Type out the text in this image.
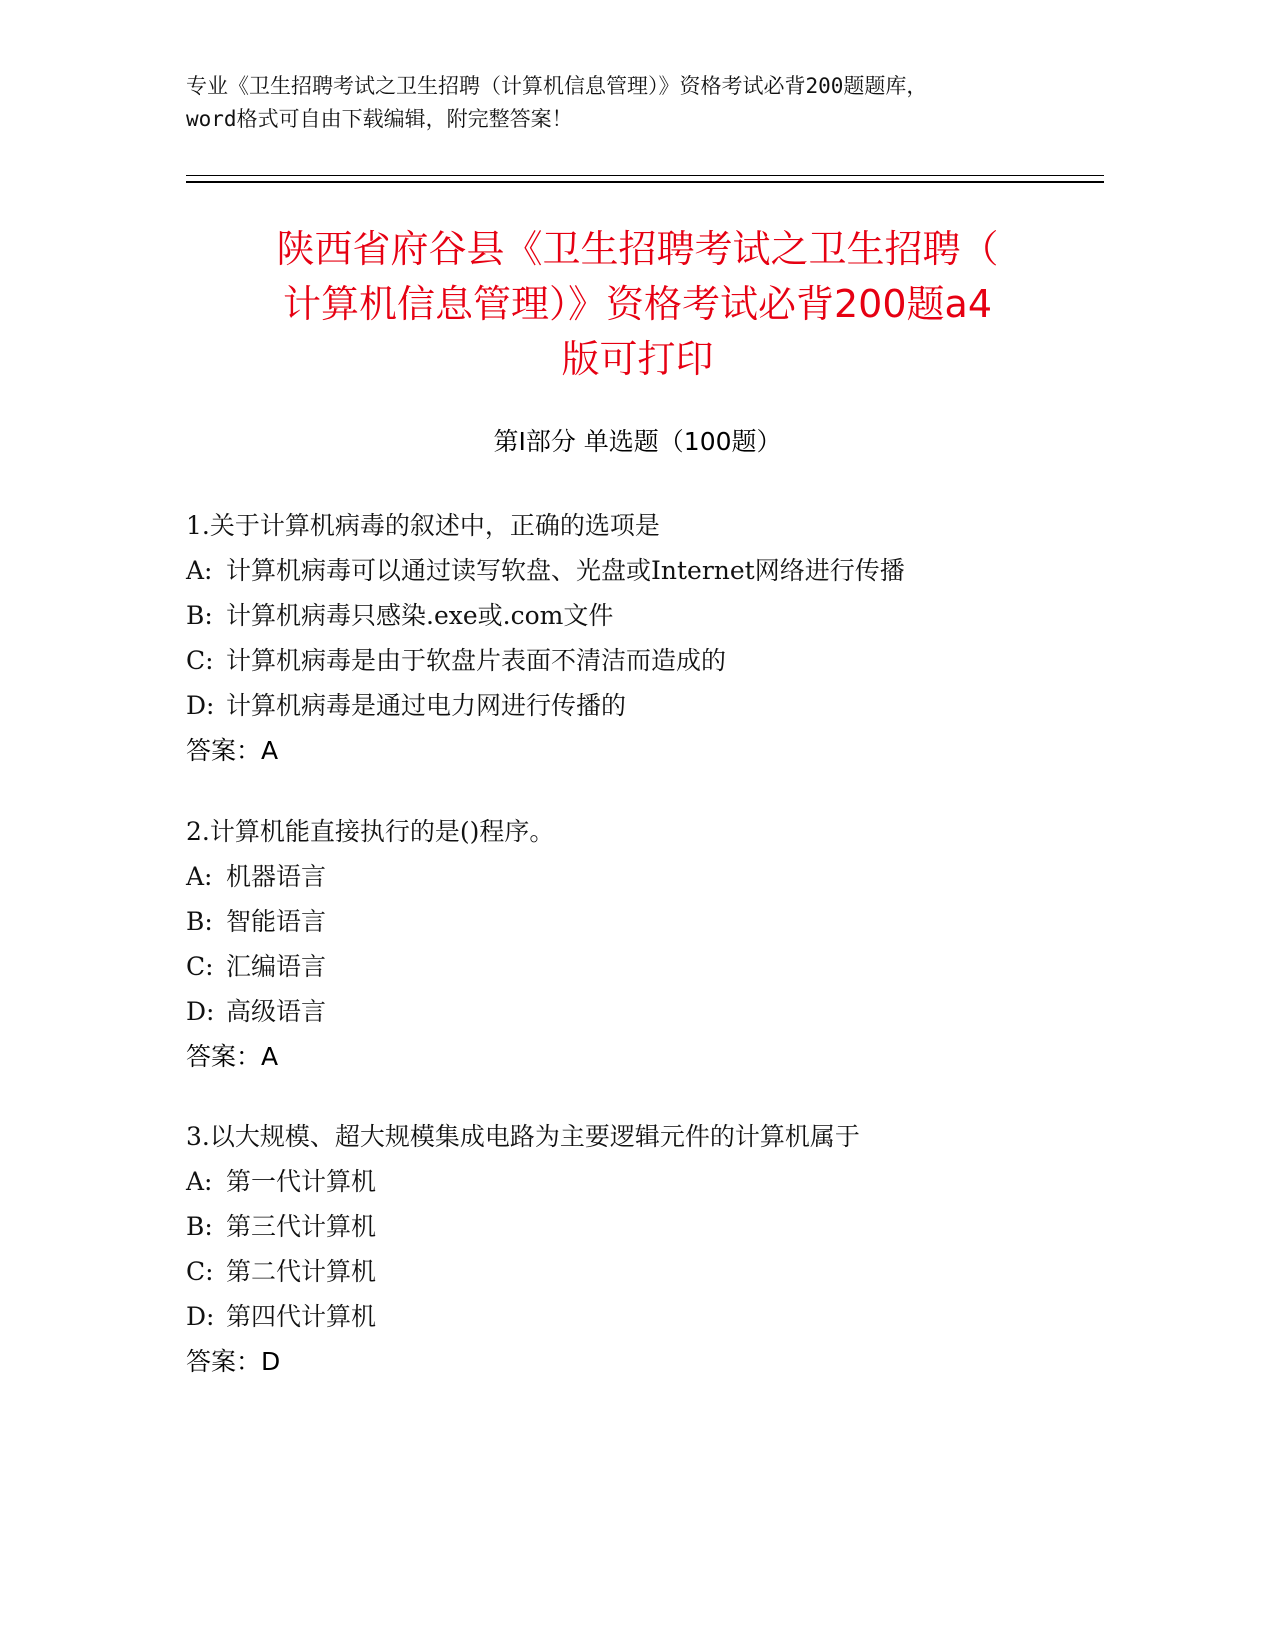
专业《卫生招聘考试之卫生招聘（计算机信息管理）》资格考试必背200题题库，
word格式可自由下载编辑，附完整答案！
陕西省府谷县《卫生招聘考试之卫生招聘（
计算机信息管理）》资格考试必背200题a4
版可打印
第Ⅰ部分 单选题（100题）
1.关于计算机病毒的叙述中，正确的选项是
A: 计算机病毒可以通过读写软盘、光盘或Internet网络进行传播
B: 计算机病毒只感染.exe或.com文件
C: 计算机病毒是由于软盘片表面不清洁而造成的
D: 计算机病毒是通过电力网进行传播的
答案：A
2.计算机能直接执行的是()程序。
A: 机器语言
B: 智能语言
C: 汇编语言
D: 高级语言
答案：A
3.以大规模、超大规模集成电路为主要逻辑元件的计算机属于
A: 第一代计算机
B: 第三代计算机
C: 第二代计算机
D: 第四代计算机
答案：D
